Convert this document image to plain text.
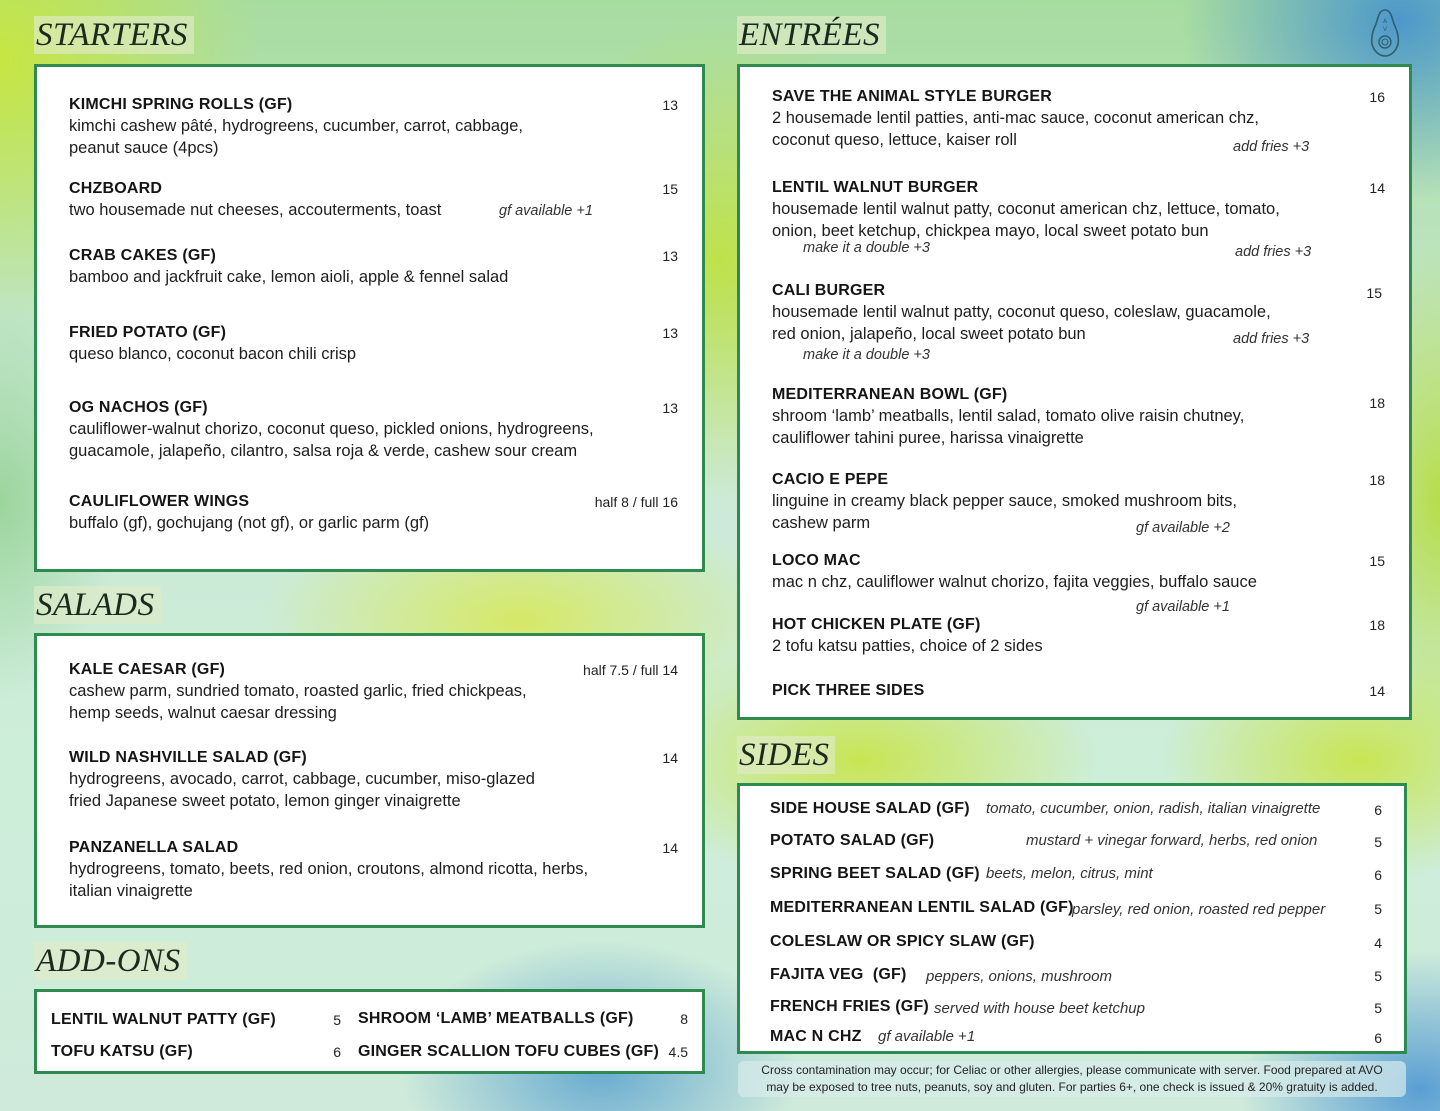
STARTERS
KIMCHI SPRING ROLLS (GF)
kimchi cashew pâté, hydrogreens, cucumber, carrot, cabbage,
peanut sauce (4pcs)
13
CHZBOARD
two housemade nut cheeses, accouterments, toast	gf available +1
15
CRAB CAKES (GF)
bamboo and jackfruit cake, lemon aioli, apple & fennel salad
13
FRIED POTATO (GF)
queso blanco, coconut bacon chili crisp
13
OG NACHOS (GF)
cauliflower-walnut chorizo, coconut queso, pickled onions, hydrogreens,
guacamole, jalapeño, cilantro, salsa roja & verde, cashew sour cream
13
CAULIFLOWER WINGS
buffalo (gf), gochujang (not gf), or garlic parm (gf)
half 8 / full 16
SALADS
KALE CAESAR (GF)
cashew parm, sundried tomato, roasted garlic, fried chickpeas,
hemp seeds, walnut caesar dressing
half 7.5 / full 14
WILD NASHVILLE SALAD (GF)
hydrogreens, avocado, carrot, cabbage, cucumber, miso-glazed
fried Japanese sweet potato, lemon ginger vinaigrette
14
PANZANELLA SALAD
hydrogreens, tomato, beets, red onion, croutons, almond ricotta, herbs,
italian vinaigrette
14
ADD-ONS
LENTIL WALNUT PATTY (GF)	5
TOFU KATSU (GF)	6
SHROOM ‘LAMB’ MEATBALLS (GF)	8
GINGER SCALLION TOFU CUBES (GF) 4.5
A
V
ENTRÉES
SAVE THE ANIMAL STYLE BURGER
2 housemade lentil patties, anti-mac sauce, coconut american chz,
coconut queso, lettuce, kaiser roll	add fries +3
16
LENTIL WALNUT BURGER
housemade lentil walnut patty, coconut american chz, lettuce, tomato,
onion, beet ketchup, chickpea mayo, local sweet potato bun
make it a double +3	add fries +3
14
CALI BURGER
housemade lentil walnut patty, coconut queso, coleslaw, guacamole,
red onion, jalapeño, local sweet potato bun	add fries +3
make it a double +3
15
MEDITERRANEAN BOWL (GF)
shroom ‘lamb’ meatballs, lentil salad, tomato olive raisin chutney,
cauliflower tahini puree, harissa vinaigrette
18
CACIO E PEPE
linguine in creamy black pepper sauce, smoked mushroom bits,
cashew parm	gf available +2
18
LOCO MAC
mac n chz, cauliflower walnut chorizo, fajita veggies, buffalo sauce
gf available +1
15
HOT CHICKEN PLATE (GF)
2 tofu katsu patties, choice of 2 sides
18
PICK THREE SIDES	14
SIDES
SIDE HOUSE SALAD (GF) tomato, cucumber, onion, radish, italian vinaigrette	6
POTATO SALAD (GF)	mustard + vinegar forward, herbs, red onion	5
SPRING BEET SALAD (GF) beets, melon, citrus, mint	6
MEDITERRANEAN LENTIL SALAD (GF)
parsley, red onion, roasted red pepper	5
COLESLAW OR SPICY SLAW (GF)	4
FAJITA VEG  (GF) peppers, onions, mushroom	5
FRENCH FRIES (GF) served with house beet ketchup	5
MAC N CHZ gf available +1	6
Cross contamination may occur; for Celiac or other allergies, please communicate with server. Food prepared at AVO
may be exposed to tree nuts, peanuts, soy and gluten. For parties 6+, one check is issued & 20% gratuity is added.
